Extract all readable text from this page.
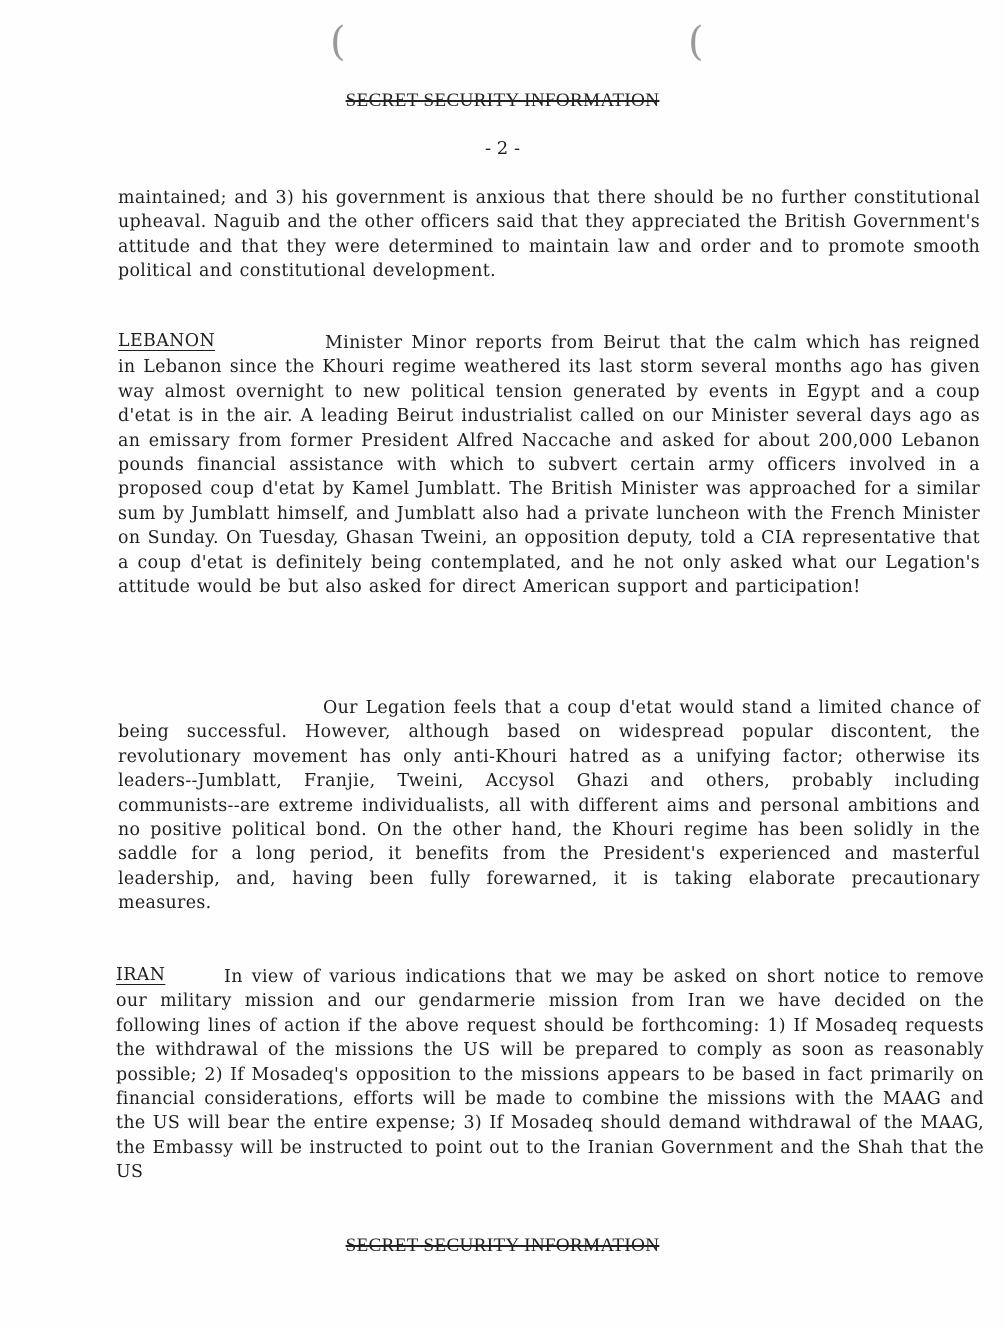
(	(
SECRET SECURITY INFORMATION
- 2 -

maintained; and 3) his government is anxious that there should be no further constitutional upheaval. Naguib and the other officers said that they appreciated the British Government's attitude and that they were determined to maintain law and order and to promote smooth political and constitutional development.

LEBANON	Minister Minor reports from Beirut that the calm which has reigned in Lebanon since the Khouri regime weathered its last storm several months ago has given way almost overnight to new political tension generated by events in Egypt and a coup d'etat is in the air. A leading Beirut industrialist called on our Minister several days ago as an emissary from former President Alfred Naccache and asked for about 200,000 Lebanon pounds financial assistance with which to subvert certain army officers involved in a proposed coup d'etat by Kamel Jumblatt. The British Minister was approached for a similar sum by Jumblatt himself, and Jumblatt also had a private luncheon with the French Minister on Sunday. On Tuesday, Ghasan Tweini, an opposition deputy, told a CIA representative that a coup d'etat is definitely being contemplated, and he not only asked what our Legation's attitude would be but also asked for direct American support and participation!

Our Legation feels that a coup d'etat would stand a limited chance of being successful. However, although based on widespread popular discontent, the revolutionary movement has only anti-Khouri hatred as a unifying factor; otherwise its leaders--Jumblatt, Franjie, Tweini, Accysol Ghazi and others, probably including communists--are extreme individualists, all with different aims and personal ambitions and no positive political bond. On the other hand, the Khouri regime has been solidly in the saddle for a long period, it benefits from the President's experienced and masterful leadership, and, having been fully forewarned, it is taking elaborate precautionary measures.

IRAN	In view of various indications that we may be asked on short notice to remove our military mission and our gendarmerie mission from Iran we have decided on the following lines of action if the above request should be forthcoming: 1) If Mosadeq requests the withdrawal of the missions the US will be prepared to comply as soon as reasonably possible; 2) If Mosadeq's opposition to the missions appears to be based in fact primarily on financial considerations, efforts will be made to combine the missions with the MAAG and the US will bear the entire expense; 3) If Mosadeq should demand withdrawal of the MAAG, the Embassy will be instructed to point out to the Iranian Government and the Shah that the US

SECRET SECURITY INFORMATION
